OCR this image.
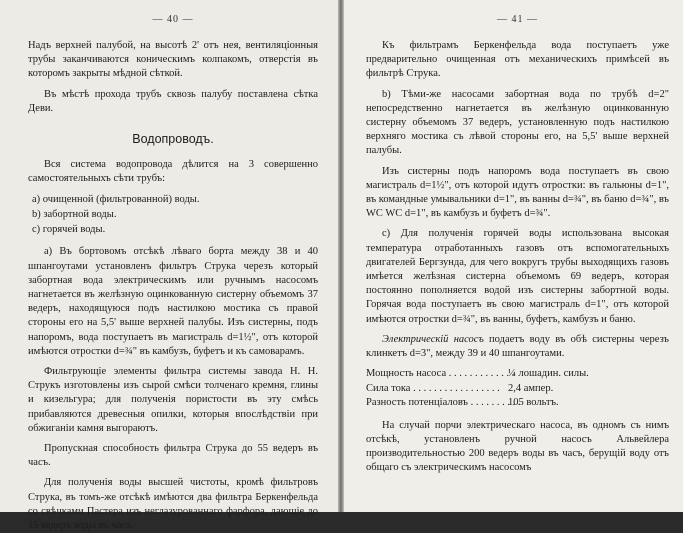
— 40 —

Надъ верхней палубой, на высотѣ 2' отъ нея, вентиляціонныя трубы заканчиваются коническимъ колпакомъ, отверстія въ которомъ закрыты мѣдной сѣткой.

Въ мѣстѣ прохода трубъ сквозь палубу поставлена сѣтка Деви.

Водопроводъ.

Вся система водопровода дѣлится на 3 совершенно самостоятельныхъ сѣти трубъ:

а) очищенной (фильтрованной) воды.
b) забортной воды.
с) горячей воды.

а) Въ бортовомъ отсѣкѣ лѣваго борта между 38 и 40 шпангоутами установленъ фильтръ Струка черезъ который забортная вода электрическимъ или ручнымъ насосомъ нагнетается въ желѣзную оцинкованную систерну объемомъ 37 ведеръ, находящуюся подъ настилкою мостика съ правой стороны его на 5,5' выше верхней палубы. Изъ систерны, подъ напоромъ, вода поступаетъ въ магистраль d=1½", отъ которой имѣются отростки d=¾" въ камбузъ, буфетъ и къ самоварамъ.

Фильтрующіе элементы фильтра системы завода Н. Н. Струкъ изготовлены изъ сырой смѣси толченаго кремня, глины и кизельгура; для полученія пористости въ эту смѣсь прибавляются древесныя опилки, которыя впослѣдствіи при обжиганіи камня выгораютъ.

Пропускная способность фильтра Струка до 55 ведеръ въ часъ.

Для полученія воды высшей чистоты, кромѣ фильтровъ Струка, въ томъ-же отсѣкѣ имѣются два фильтра Беркенфельда со свѣчками Пастера изъ неглазурованнаго фарфора, дающіе до 15 ведеръ воды въ часъ.

— 41 —

Къ фильтрамъ Беркенфельда вода поступаетъ уже предварительно очищенная отъ механическихъ примѣсей въ фильтрѣ Струка.

b) Тѣми-же насосами забортная вода по трубѣ d=2" непосредственно нагнетается въ желѣзную оцинкованную систерну объемомъ 37 ведеръ, установленную подъ настилкою верхняго мостика съ лѣвой стороны его, на 5,5' выше верхней палубы.

Изъ систерны подъ напоромъ вода поступаетъ въ свою магистраль d=1½", отъ которой идутъ отростки: въ гальюны d=1", въ командные умывальники d=1", въ ванны d=¾", въ баню d=¾", въ WC WC d=1", въ камбузъ и буфетъ d=¾".

с) Для полученія горячей воды использована высокая температура отработанныхъ газовъ отъ вспомогательныхъ двигателей Бергзунда, для чего вокругъ трубы выходящихъ газовъ имѣется желѣзная систерна объемомъ 69 ведеръ, которая постоянно пополняется водой изъ систерны забортной воды. Горячая вода поступаетъ въ свою магистраль d=1", отъ которой имѣются отростки d=¾", въ ванны, буфетъ, камбузъ и баню.

Электрическій насосъ подаетъ воду въ обѣ систерны черезъ клинкетъ d=3", между 39 и 40 шпангоутами.

Мощность насоса . . . . . . . . . . . . .
¼ лошадин. силы.
Сила тока . . . . . . . . . . . . . . . . . 2,4 ампер.
Разность потенціаловъ . . . . . . . . . .
105 вольтъ.

На случай порчи электрическаго насоса, въ одномъ съ нимъ отсѣкѣ, установленъ ручной насосъ Альвейлера производительностью 200 ведеръ воды въ часъ, берущій воду отъ общаго съ электрическимъ насосомъ
